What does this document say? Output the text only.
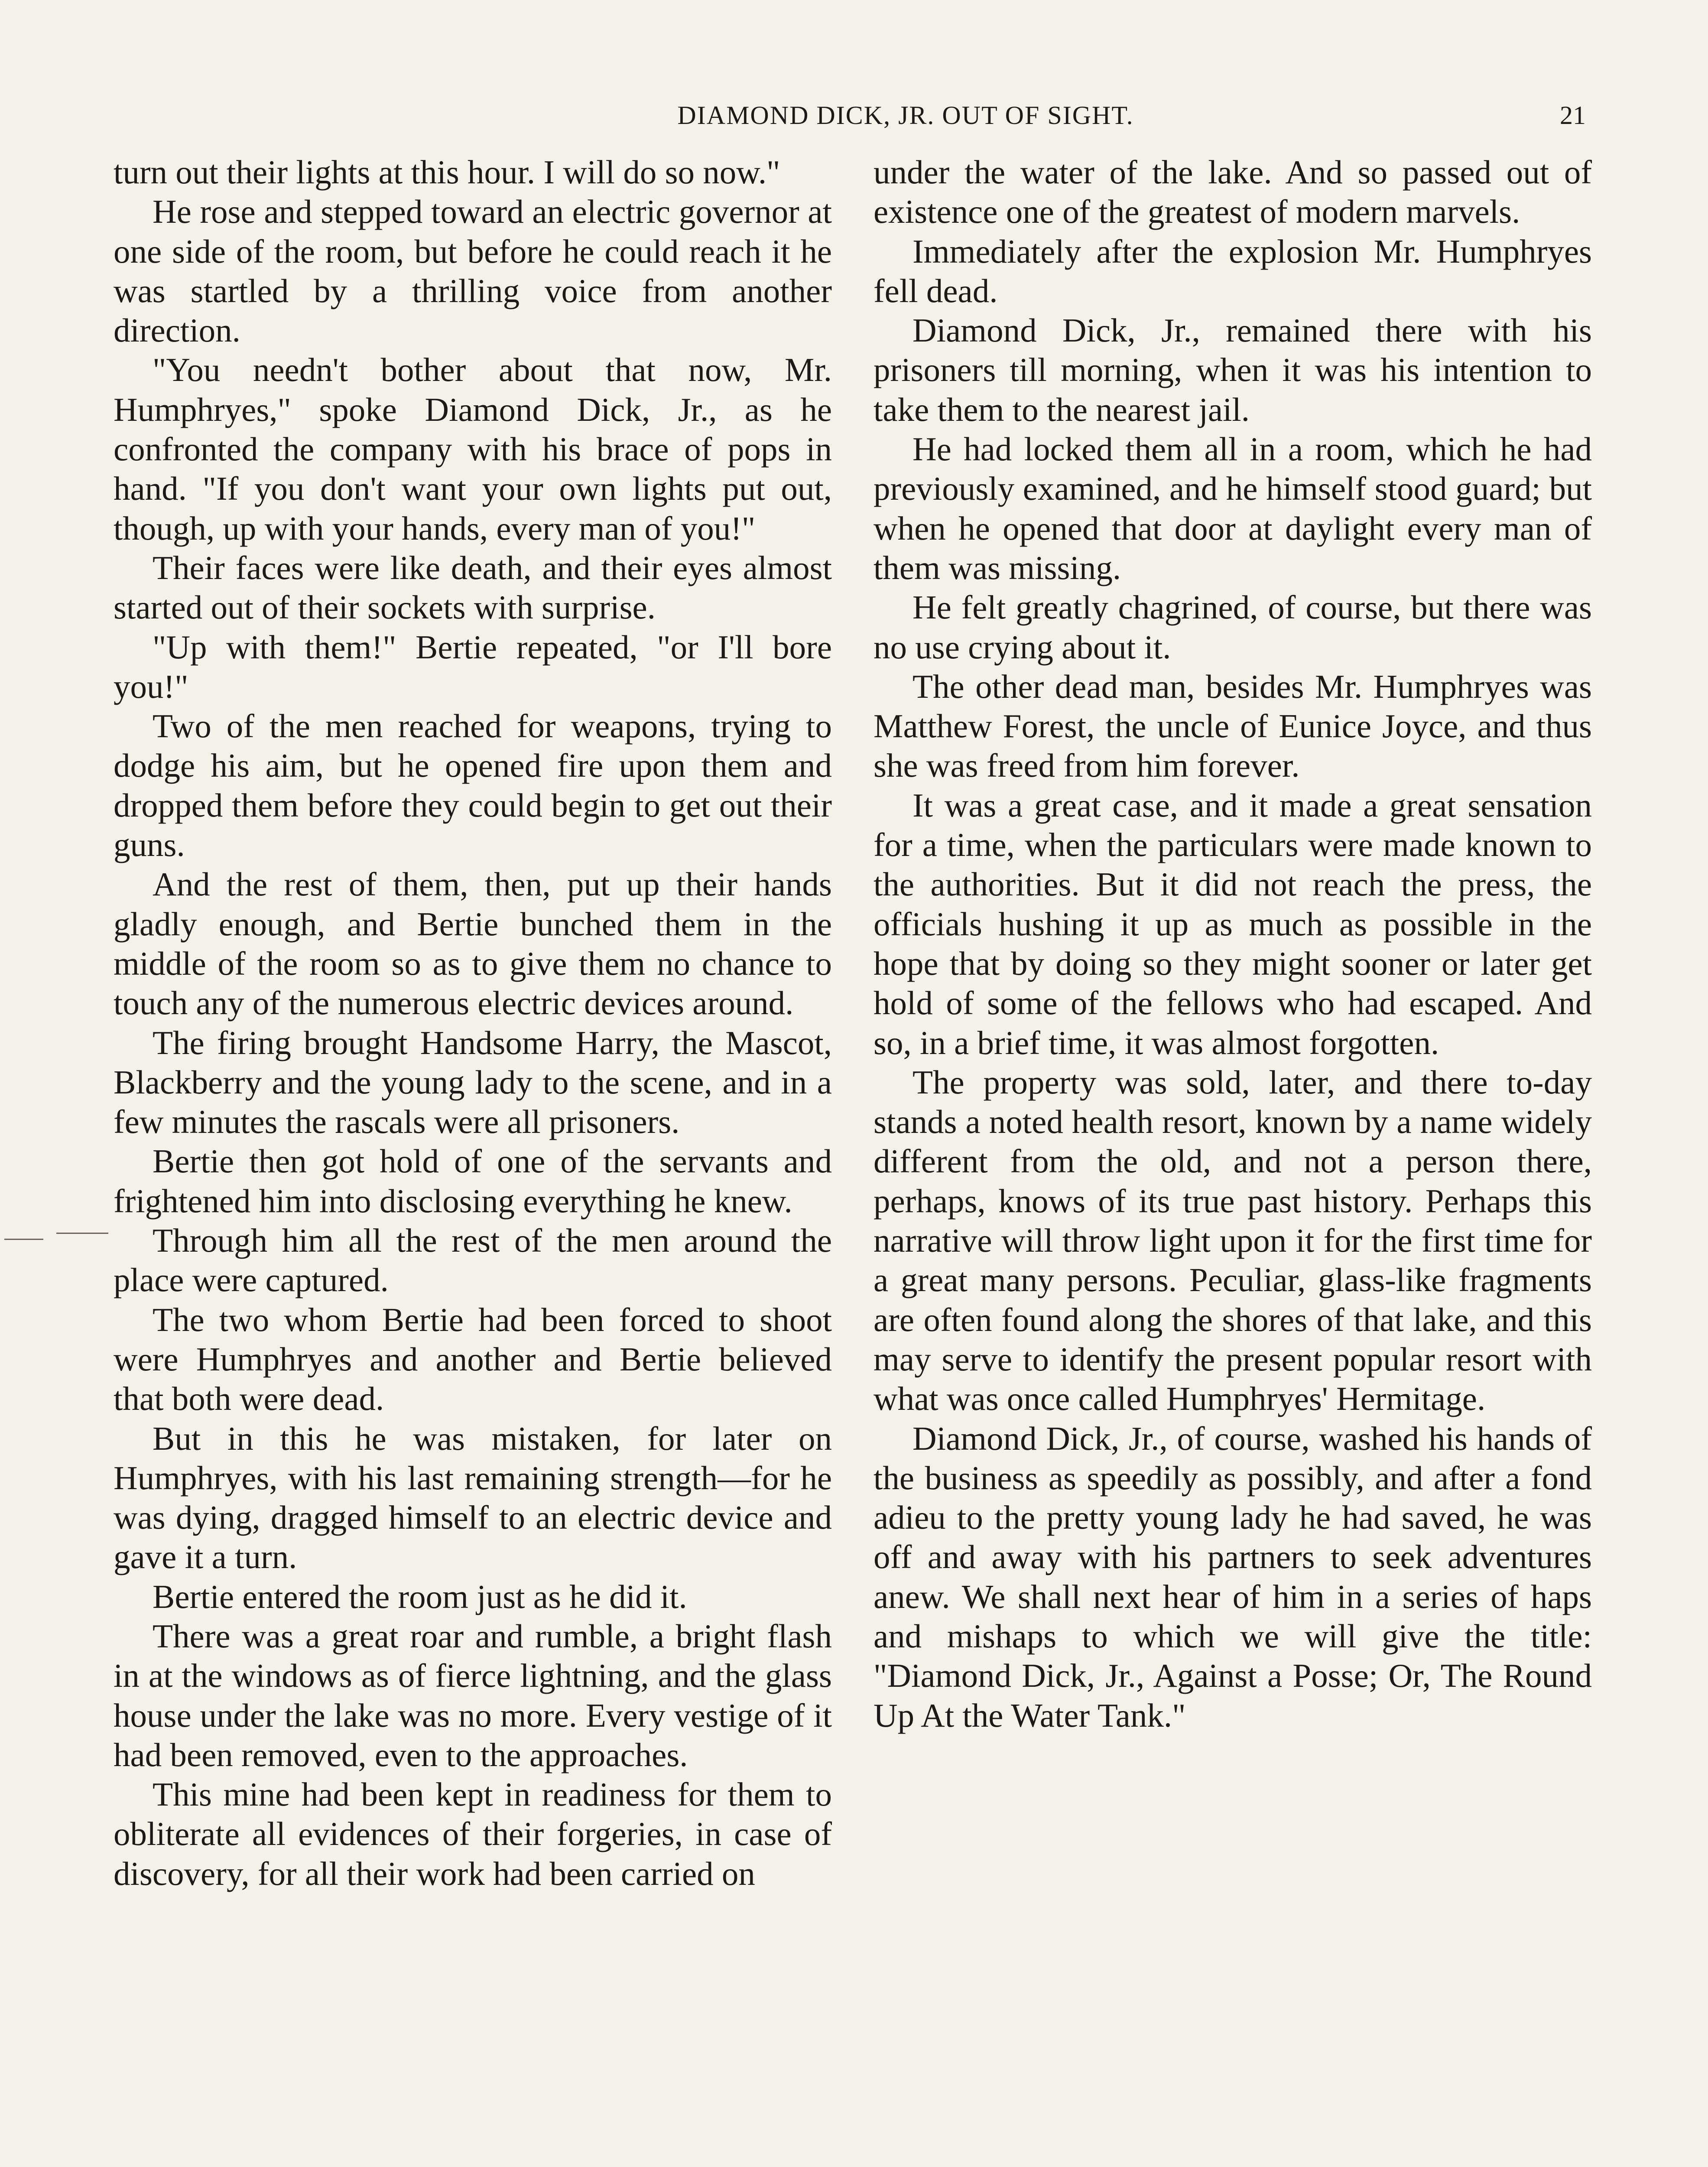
DIAMOND DICK, JR. OUT OF SIGHT.	21

turn out their lights at this hour. I will do so now."

He rose and stepped toward an electric governor at one side of the room, but before he could reach it he was startled by a thrilling voice from another direction.

"You needn't bother about that now, Mr. Humphryes," spoke Diamond Dick, Jr., as he confronted the company with his brace of pops in hand. "If you don't want your own lights put out, though, up with your hands, every man of you!"

Their faces were like death, and their eyes almost started out of their sockets with surprise.

"Up with them!" Bertie repeated, "or I'll bore you!"

Two of the men reached for weapons, trying to dodge his aim, but he opened fire upon them and dropped them before they could begin to get out their guns.

And the rest of them, then, put up their hands gladly enough, and Bertie bunched them in the middle of the room so as to give them no chance to touch any of the numerous electric devices around.

The firing brought Handsome Harry, the Mascot, Blackberry and the young lady to the scene, and in a few minutes the rascals were all prisoners.

Bertie then got hold of one of the servants and frightened him into disclosing everything he knew.

Through him all the rest of the men around the place were captured.

The two whom Bertie had been forced to shoot were Humphryes and another and Bertie believed that both were dead.

But in this he was mistaken, for later on Humphryes, with his last remaining strength—for he was dying, dragged himself to an electric device and gave it a turn.

Bertie entered the room just as he did it.

There was a great roar and rumble, a bright flash in at the windows as of fierce lightning, and the glass house under the lake was no more. Every vestige of it had been removed, even to the approaches.

This mine had been kept in readiness for them to obliterate all evidences of their forgeries, in case of discovery, for all their work had been carried on

under the water of the lake. And so passed out of existence one of the greatest of modern marvels.

Immediately after the explosion Mr. Humphryes fell dead.

Diamond Dick, Jr., remained there with his prisoners till morning, when it was his intention to take them to the nearest jail.

He had locked them all in a room, which he had previously examined, and he himself stood guard; but when he opened that door at daylight every man of them was missing.

He felt greatly chagrined, of course, but there was no use crying about it.

The other dead man, besides Mr. Humphryes was Matthew Forest, the uncle of Eunice Joyce, and thus she was freed from him forever.

It was a great case, and it made a great sensation for a time, when the particulars were made known to the authorities. But it did not reach the press, the officials hushing it up as much as possible in the hope that by doing so they might sooner or later get hold of some of the fellows who had escaped. And so, in a brief time, it was almost forgotten.

The property was sold, later, and there to-day stands a noted health resort, known by a name widely different from the old, and not a person there, perhaps, knows of its true past history. Perhaps this narrative will throw light upon it for the first time for a great many persons. Peculiar, glass-like fragments are often found along the shores of that lake, and this may serve to identify the present popular resort with what was once called Humphryes' Hermitage.

Diamond Dick, Jr., of course, washed his hands of the business as speedily as possibly, and after a fond adieu to the pretty young lady he had saved, he was off and away with his partners to seek adventures anew. We shall next hear of him in a series of haps and mishaps to which we will give the title: "Diamond Dick, Jr., Against a Posse; Or, The Round Up At the Water Tank."
